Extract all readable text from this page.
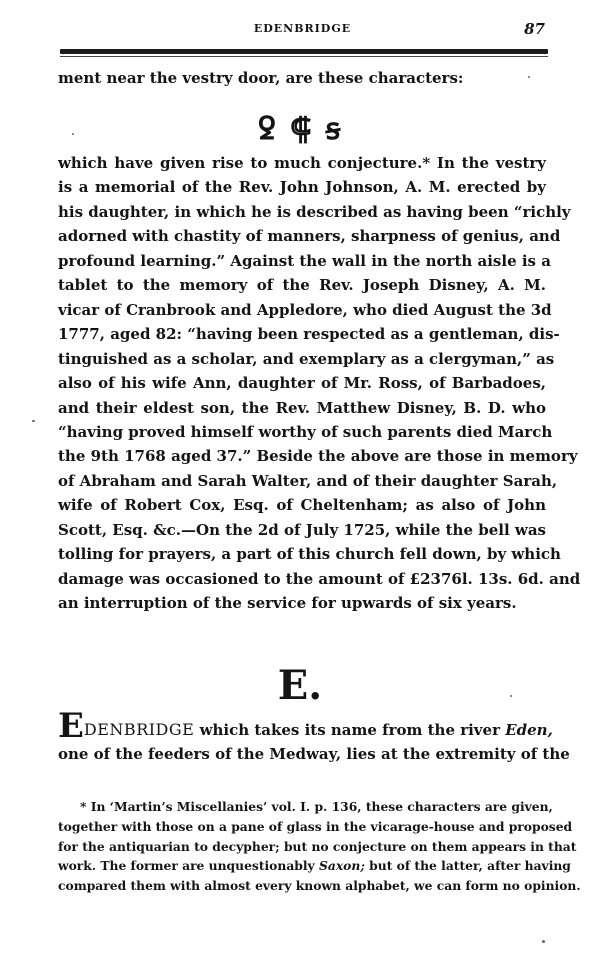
EDENBRIDGE	87
ment near the vestry door, are these characters:
ꝿ ⸿ ꞩ
which have given rise to much conjecture.* In the vestry
is a memorial of the Rev. John Johnson, A. M. erected by
his daughter, in which he is described as having been “richly
adorned with chastity of manners, sharpness of genius, and
profound learning.” Against the wall in the north aisle is a
tablet to the memory of the Rev. Joseph Disney, A. M.
vicar of Cranbrook and Appledore, who died August the 3d
1777, aged 82: “having been respected as a gentleman, dis-
tinguished as a scholar, and exemplary as a clergyman,” as
also of his wife Ann, daughter of Mr. Ross, of Barbadoes,
and their eldest son, the Rev. Matthew Disney, B. D. who
“having proved himself worthy of such parents died March
the 9th 1768 aged 37.” Beside the above are those in memory
of Abraham and Sarah Walter, and of their daughter Sarah,
wife of Robert Cox, Esq. of Cheltenham; as also of John
Scott, Esq. &c.—On the 2d of July 1725, while the bell was
tolling for prayers, a part of this church fell down, by which
damage was occasioned to the amount of £2376l. 13s. 6d. and
an interruption of the service for upwards of six years.
E.
EDENBRIDGE which takes its name from the river Eden,
one of the feeders of the Medway, lies at the extremity of the
* In ‘Martin’s Miscellanies’ vol. I. p. 136, these characters are given,
together with those on a pane of glass in the vicarage-house and proposed
for the antiquarian to decypher; but no conjecture on them appears in that
work. The former are unquestionably Saxon; but of the latter, after having
compared them with almost every known alphabet, we can form no opinion.
